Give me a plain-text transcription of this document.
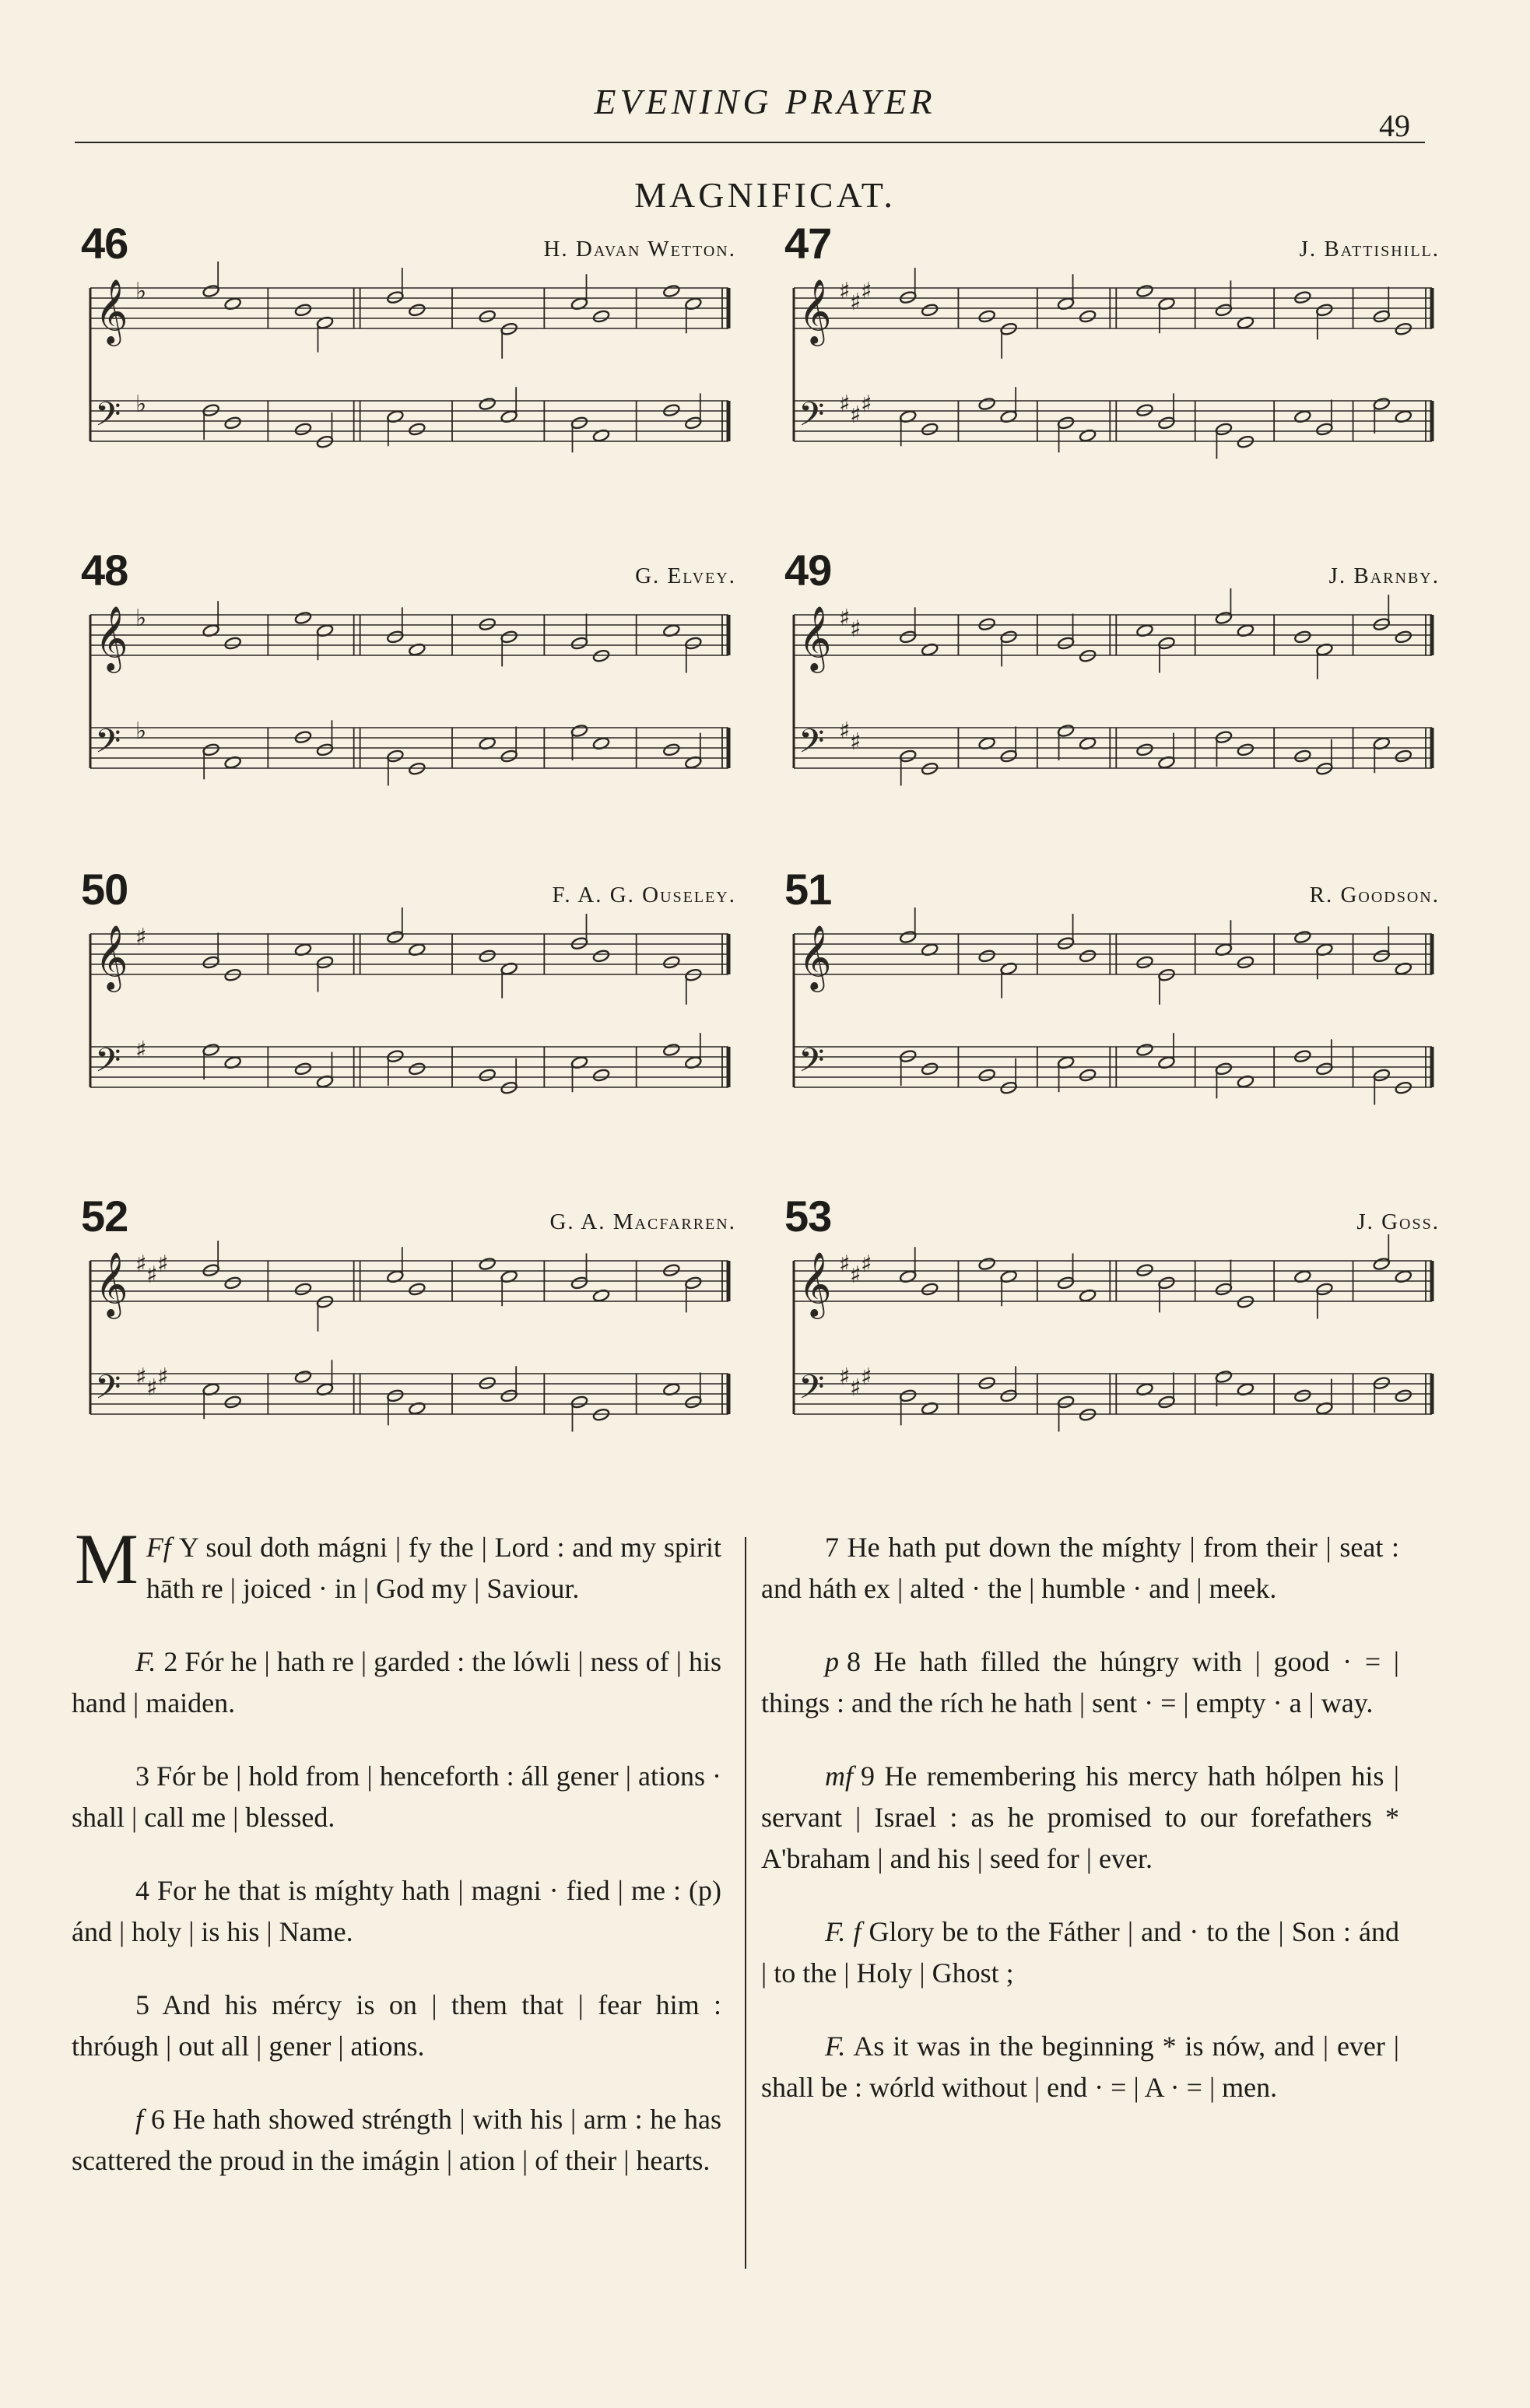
EVENING PRAYER
49
MAGNIFICAT.
46	H. Davan Wetton.
𝄞 ♭
𝄢 ♭
47	J. Battishill.
𝄞 ♯ ♯ ♯
𝄢 ♯ ♯ ♯
48	G. Elvey.
𝄞 ♭
𝄢 ♭
49	J. Barnby.
𝄞 ♯ ♯
𝄢 ♯ ♯
50	F. A. G. Ouseley.
𝄞 ♯
𝄢 ♯
51	R. Goodson.
𝄞
𝄢
52	G. A. Macfarren.
𝄞 ♯ ♯ ♯
𝄢 ♯ ♯ ♯
53	J. Goss.
𝄞 ♯ ♯ ♯
𝄢 ♯ ♯ ♯

Ff
M Y soul doth mágni | fy the | Lord : and my spirit hāth re | joiced · in | God my | Saviour.

F. 2 Fór he | hath re | garded : the lówli | ness of | his hand | maiden.

3 Fór be | hold from | henceforth : áll gener | ations · shall | call me | blessed.

4 For he that is míghty hath | magni · fied | me : (p) ánd | holy | is his | Name.

5 And his mércy is on | them that | fear him : thróugh | out all | gener | ations.

f 6 He hath showed stréngth | with his | arm : he has scattered the proud in the imágin | ation | of their | hearts.

7 He hath put down the míghty | from their | seat : and háth ex | alted · the | humble · and | meek.

p 8 He hath filled the húngry with | good · = | things : and the rích he hath | sent · = | empty · a | way.

mf 9 He remembering his mercy hath hólpen his | servant | Israel : as he promised to our forefathers * A'braham | and his | seed for | ever.

F. f Glory be to the Fáther | and · to the | Son : ánd | to the | Holy | Ghost ;

F. As it was in the beginning * is nów, and | ever | shall be : wórld without | end · = | A · = | men.
